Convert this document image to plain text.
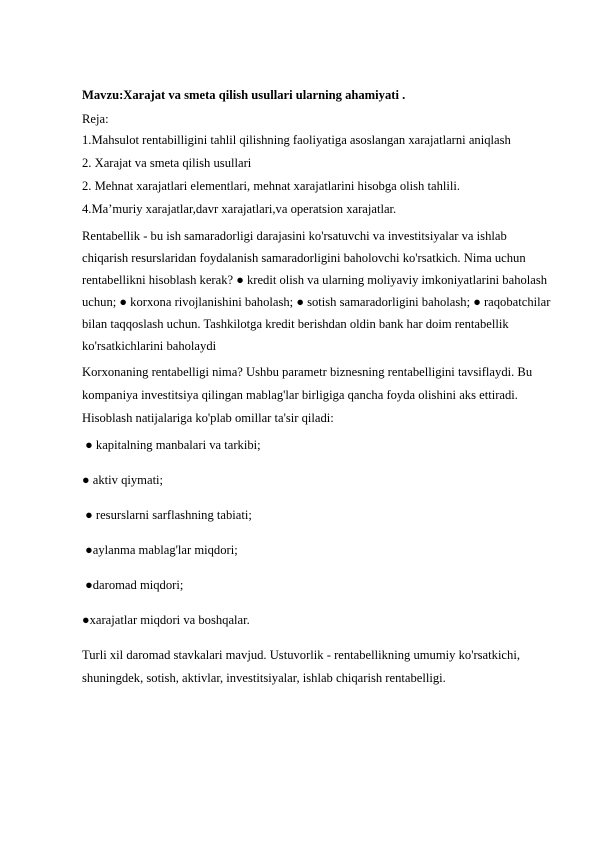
Mavzu:Xarajat va smeta qilish usullari ularning ahamiyati .

Reja:

1.Mahsulot rentabilligini tahlil qilishning faoliyatiga asoslangan xarajatlarni aniqlash
2. Xarajat va smeta qilish usullari
2. Mehnat xarajatlari elementlari, mehnat xarajatlarini hisobga olish tahlili.
4.Ma’muriy xarajatlar,davr xarajatlari,va operatsion xarajatlar.

Rentabellik - bu ish samaradorligi darajasini ko'rsatuvchi va investitsiyalar va ishlab chiqarish resurslaridan foydalanish samaradorligini baholovchi ko'rsatkich. Nima uchun rentabellikni hisoblash kerak? ● kredit olish va ularning moliyaviy imkoniyatlarini baholash uchun; ● korxona rivojlanishini baholash; ● sotish samaradorligini baholash; ● raqobatchilar bilan taqqoslash uchun. Tashkilotga kredit berishdan oldin bank har doim rentabellik ko'rsatkichlarini baholaydi

Korxonaning rentabelligi nima? Ushbu parametr biznesning rentabelligini tavsiflaydi. Bu kompaniya investitsiya qilingan mablag'lar birligiga qancha foyda olishini aks ettiradi. Hisoblash natijalariga ko'plab omillar ta'sir qiladi:

● kapitalning manbalari va tarkibi;
● aktiv qiymati;
● resurslarni sarflashning tabiati;
●aylanma mablag'lar miqdori;
●daromad miqdori;
●xarajatlar miqdori va boshqalar.

Turli xil daromad stavkalari mavjud. Ustuvorlik - rentabellikning umumiy ko'rsatkichi, shuningdek, sotish, aktivlar, investitsiyalar, ishlab chiqarish rentabelligi.
